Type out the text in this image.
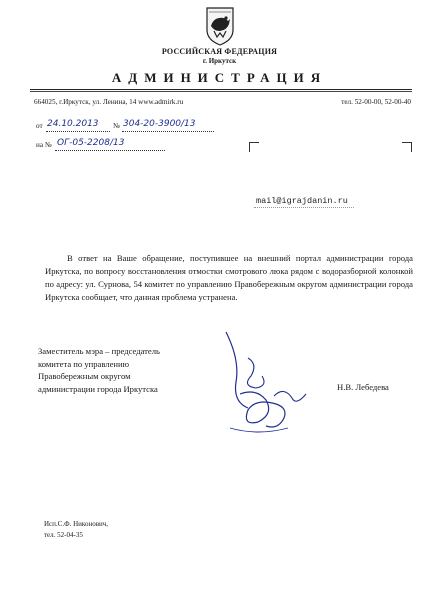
РОССИЙСКАЯ ФЕДЕРАЦИЯ
г. Иркутск
АДМИНИСТРАЦИЯ
664025, г.Иркутск, ул. Ленина, 14 www.admirk.ru	тел. 52-00-00, 52-00-40
от 24.10.2013 № 304-20-3900/13
на № ОГ-05-2208/13
mail@igrajdanin.ru

В ответ на Ваше обращение, поступившее на внешний портал администрации города Иркутска, по вопросу восстановления отмостки смотрового люка рядом с водоразборной колонкой по адресу: ул. Сурнова, 54 комитет по управлению Правобережным округом администрации города Иркутска сообщает, что данная проблема устранена.

Заместитель мэра – председатель
комитета по управлению
Правобережным округом
администрации города Иркутска	Н.В. Лебедева
Исп.С.Ф. Никонович,
тел. 52-04-35
